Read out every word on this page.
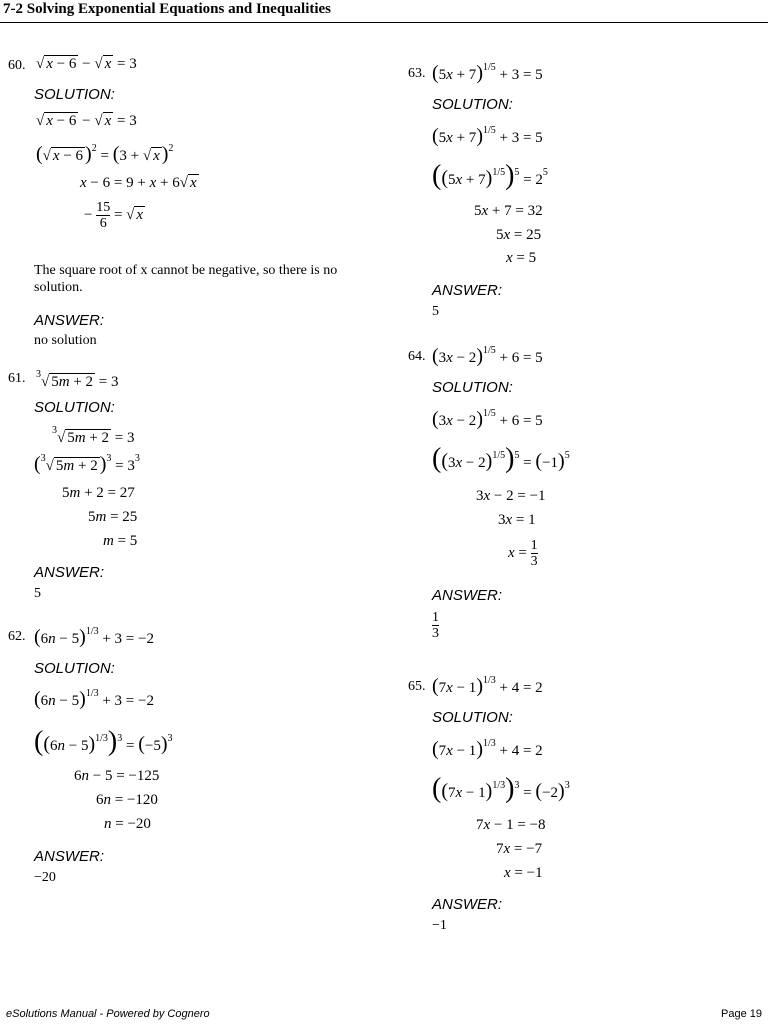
7-2 Solving Exponential Equations and Inequalities
60. √ x − 6 − √ x = 3
SOLUTION:
√ x − 6 − √ x = 3
(√ x − 6 )$^2$ = (3 + √ x )$^2$
x − 6 = 9 + x + 6√ x
− $\frac{15}{6}$ = √ x
The square root of x cannot be negative, so there is no solution.
ANSWER:
no solution
61. $^3$√ 5m + 2 = 3
SOLUTION:
$^3$√ 5m + 2 = 3
($^3$√ 5m + 2 )$^3 = 3^3$
5m + 2 = 27
5m = 25
m = 5
ANSWER:
5
62. $(6n - 5)^{1/3} + 3 = -2$
SOLUTION:
$(6n - 5)^{1/3} + 3 = -2$
$((6n - 5)^{1/3})^3 = (-5)^3$
6n − 5 = −125
6n = −120
n = −20
ANSWER:
−20
63. $(5x + 7)^{1/5} + 3 = 5$
SOLUTION:
$(5x + 7)^{1/5} + 3 = 5$
$((5x + 7)^{1/5})^5 = 2^5$
5x + 7 = 32
5x = 25
x = 5
ANSWER:
5
64. $(3x - 2)^{1/5} + 6 = 5$
SOLUTION:
$(3x - 2)^{1/5} + 6 = 5$
$((3x - 2)^{1/5})^5 = (-1)^5$
3x − 2 = −1
3x = 1
$x = \frac{1}{3}$
ANSWER:
$\frac{1}{3}$
65. $(7x - 1)^{1/3} + 4 = 2$
SOLUTION:
$(7x - 1)^{1/3} + 4 = 2$
$((7x - 1)^{1/3})^3 = (-2)^3$
7x − 1 = −8
7x = −7
x = −1
ANSWER:
−1
eSolutions Manual - Powered by Cognero	Page 19
